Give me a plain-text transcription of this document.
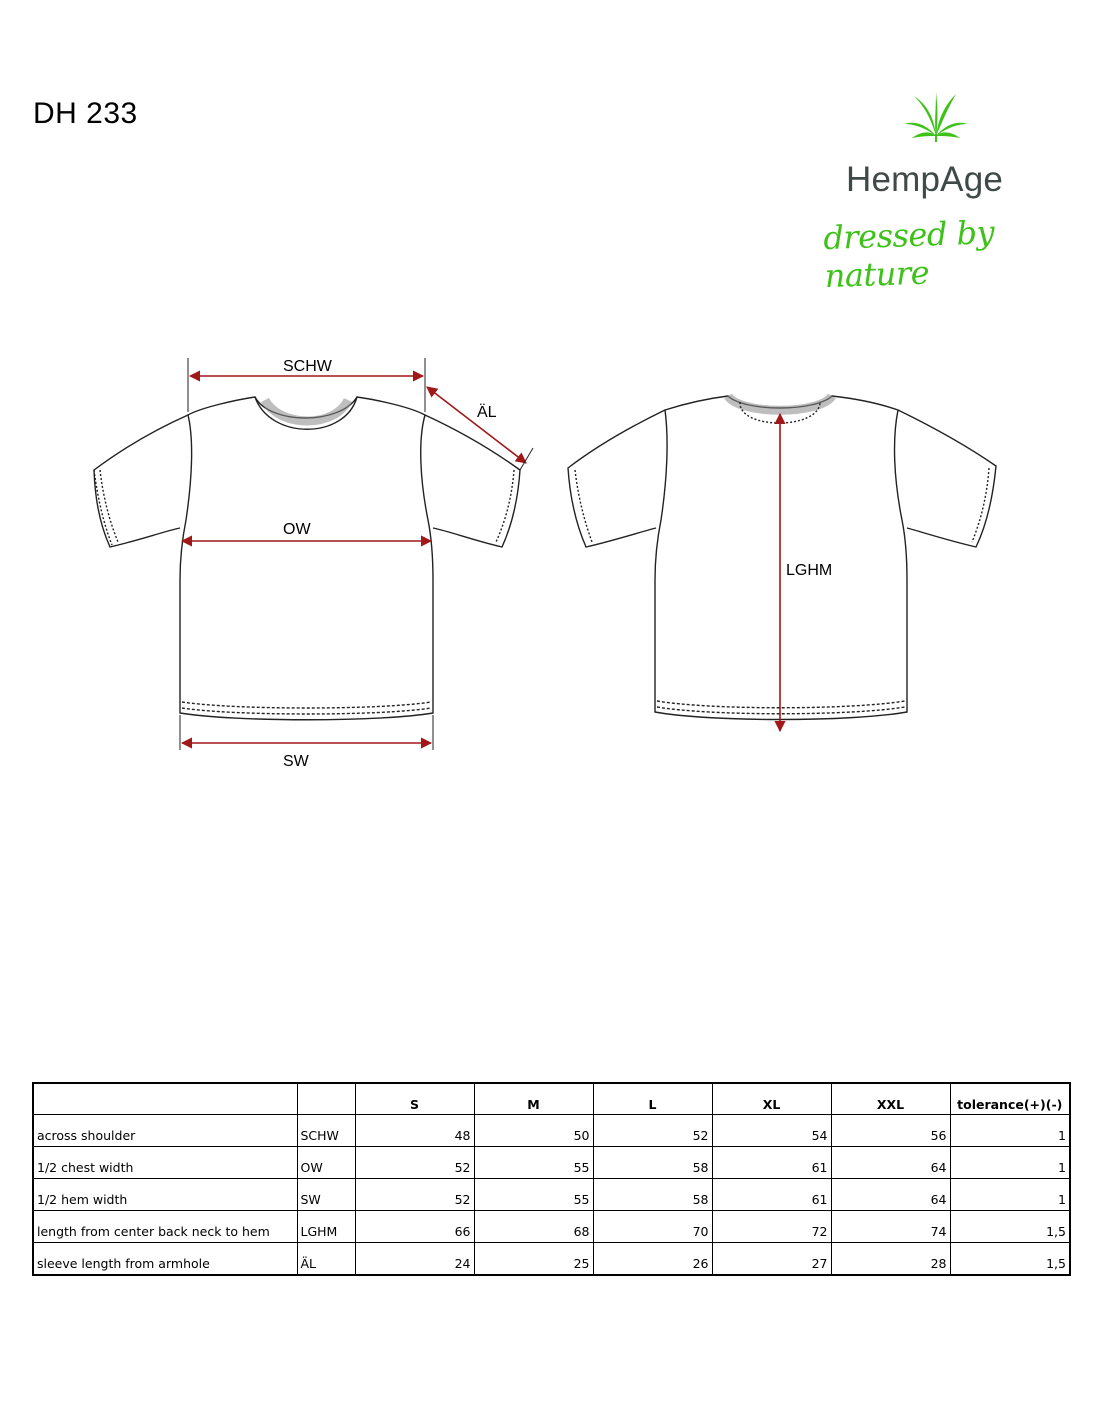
DH 233
HempAge
dressed by nature
SCHW
ÄL
OW
SW
LGHM
		S	M	L	XL	XXL	tolerance(+)(-)
across shoulder	SCHW	48	50	52	54	56	1
1/2 chest width	OW	52	55	58	61	64	1
1/2 hem width	SW	52	55	58	61	64	1
length from center back neck to hem	LGHM	66	68	70	72	74	1,5
sleeve length from armhole	ÄL	24	25	26	27	28	1,5
